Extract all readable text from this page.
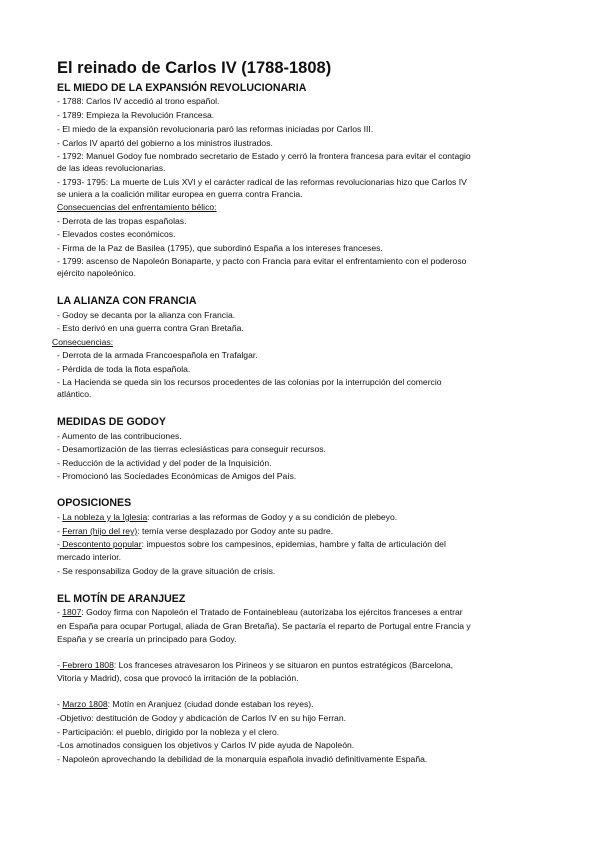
El reinado de Carlos IV (1788-1808)
EL MIEDO DE LA EXPANSIÓN REVOLUCIONARIA
- 1788: Carlos IV accedió al trono español.
- 1789: Empieza la Revolución Francesa.
- El miedo de la expansión revolucionaria paró las reformas iniciadas por Carlos III.
- Carlos IV apartó del gobierno a los ministros ilustrados.
- 1792: Manuel Godoy fue nombrado secretario de Estado y cerró la frontera francesa para evitar el contagio
de las ideas revolucionarias.
- 1793- 1795: La muerte de Luis XVI y el carácter radical de las reformas revolucionarias hizo que Carlos IV
se uniera a la coalición militar europea en guerra contra Francia.
Consecuencias del enfrentamiento bélico:
- Derrota de las tropas españolas.
- Elevados costes económicos.
- Firma de la Paz de Basilea (1795), que subordinó España a los intereses franceses.
- 1799: ascenso de Napoleón Bonaparte, y pacto con Francia para evitar el enfrentamiento con el poderoso
ejército napoleónico.
LA ALIANZA CON FRANCIA
- Godoy se decanta por la alianza con Francia.
- Esto derivó en una guerra contra Gran Bretaña.
Consecuencias:
- Derrota de la armada Francoespañola en Trafalgar.
- Pérdida de toda la flota española.
- La Hacienda se queda sin los recursos procedentes de las colonias por la interrupción del comercio
atlántico.
MEDIDAS DE GODOY
- Aumento de las contribuciones.
- Desamortización de las tierras eclesiásticas para conseguir recursos.
- Reducción de la actividad y del poder de la Inquisición.
- Promocionó las Sociedades Económicas de Amigos del País.
OPOSICIONES
- La nobleza y la Iglesia: contrarias a las reformas de Godoy y a su condición de plebeyo.
- Ferran (hijo del rey): temía verse desplazado por Godoy ante su padre.
- Descontento popular: impuestos sobre los campesinos, epidemias, hambre y falta de articulación del
mercado interior.
- Se responsabiliza Godoy de la grave situación de crisis.
EL MOTÍN DE ARANJUEZ
- 1807: Godoy firma con Napoleón el Tratado de Fontainebleau (autorizaba los ejércitos franceses a entrar
en España para ocupar Portugal, aliada de Gran Bretaña). Se pactaría el reparto de Portugal entre Francia y
España y se crearía un principado para Godoy.
- Febrero 1808: Los franceses atravesaron los Pirineos y se situaron en puntos estratégicos (Barcelona,
Vitoria y Madrid), cosa que provocó la irritación de la población.
- Marzo 1808: Motín en Aranjuez (ciudad donde estaban los reyes).
-Objetivo: destitución de Godoy y abdicación de Carlos IV en su hijo Ferran.
- Participación: el pueblo, dirigido por la nobleza y el clero.
-Los amotinados consiguen los objetivos y Carlos IV pide ayuda de Napoleón.
- Napoleón aprovechando la debilidad de la monarquía española invadió definitivamente España.
